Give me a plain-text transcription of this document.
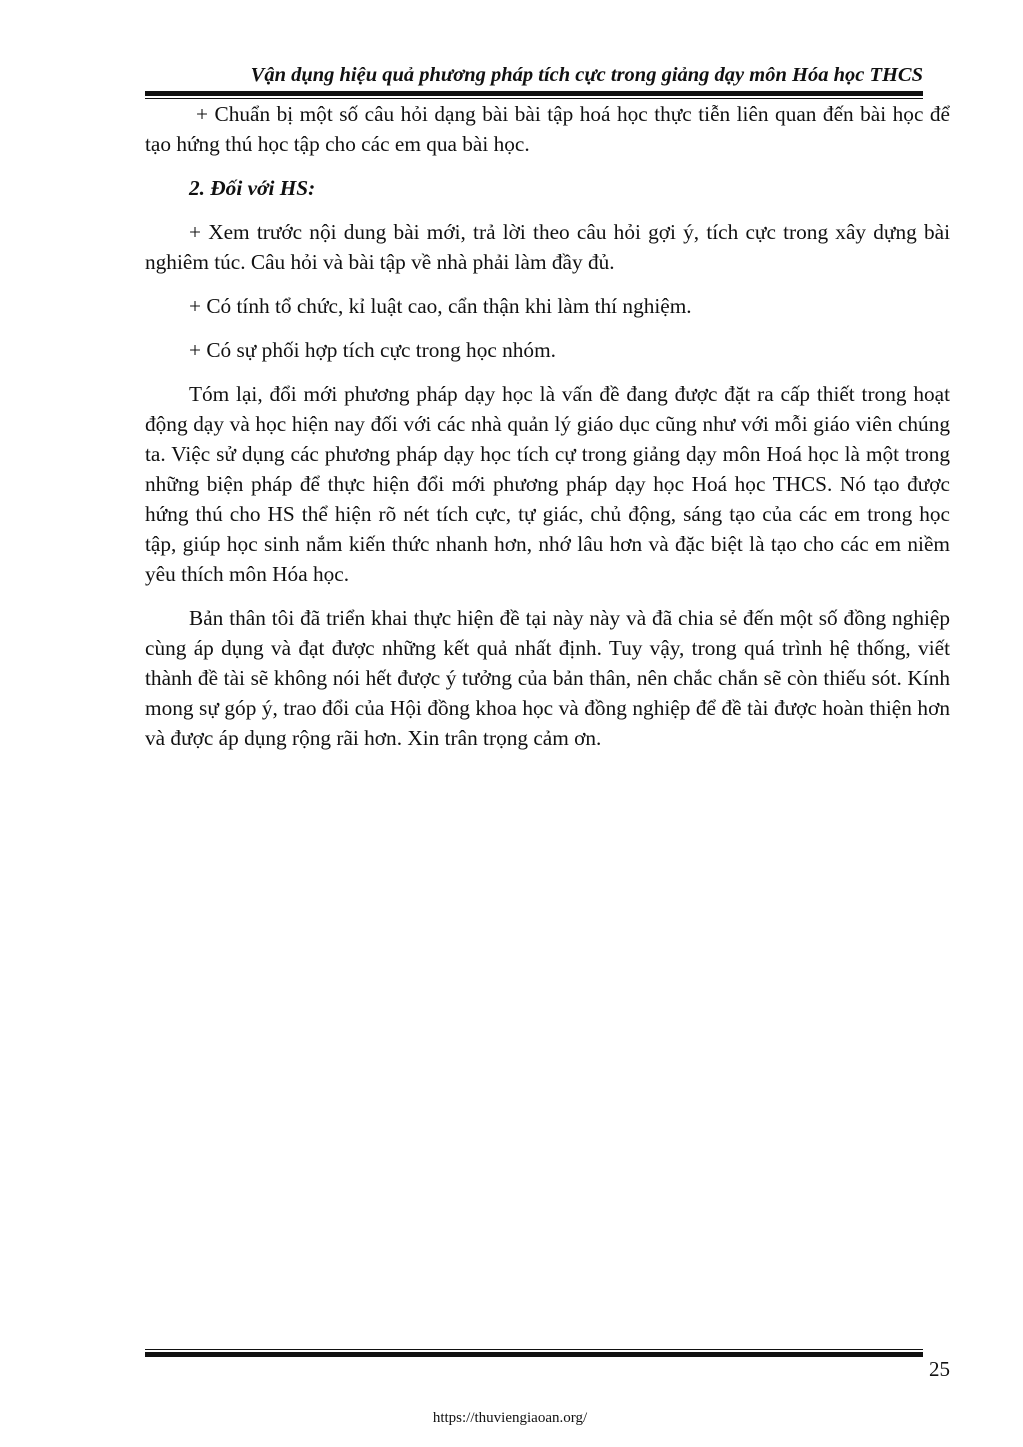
Vận dụng hiệu quả phương pháp tích cực trong giảng dạy môn Hóa học THCS

+ Chuẩn bị một số câu hỏi dạng bài bài tập hoá học thực tiễn liên quan đến bài học để tạo hứng thú học tập cho các em qua bài học.

2. Đối với HS:

+ Xem trước nội dung bài mới, trả lời theo câu hỏi gợi ý, tích cực trong xây dựng bài nghiêm túc. Câu hỏi và bài tập về nhà phải làm đầy đủ.

+ Có tính tổ chức, kỉ luật cao, cẩn thận khi làm thí nghiệm.

+ Có sự phối hợp tích cực trong học nhóm.

Tóm lại, đổi mới phương pháp dạy học là vấn đề đang được đặt ra cấp thiết trong hoạt động dạy và học hiện nay đối với các nhà quản lý giáo dục cũng như với mỗi giáo viên chúng ta. Việc sử dụng các phương pháp dạy học tích cự trong giảng dạy môn Hoá học là một trong những biện pháp để thực hiện đổi mới phương pháp dạy học Hoá học THCS. Nó tạo được hứng thú cho HS thể hiện rõ nét tích cực, tự giác, chủ động, sáng tạo của các em trong học tập, giúp học sinh nắm kiến thức nhanh hơn, nhớ lâu hơn và đặc biệt là tạo cho các em niềm yêu thích môn Hóa học.

Bản thân tôi đã triển khai thực hiện đề tại này này và đã chia sẻ đến một số đồng nghiệp cùng áp dụng và đạt được những kết quả nhất định. Tuy vậy, trong quá trình hệ thống, viết thành đề tài sẽ không nói hết được ý tưởng của bản thân, nên chắc chắn sẽ còn thiếu sót. Kính mong sự góp ý, trao đổi của Hội đồng khoa học và đồng nghiệp để đề tài được hoàn thiện hơn và được áp dụng rộng rãi hơn. Xin trân trọng cảm ơn.

25
https://thuviengiaoan.org/
